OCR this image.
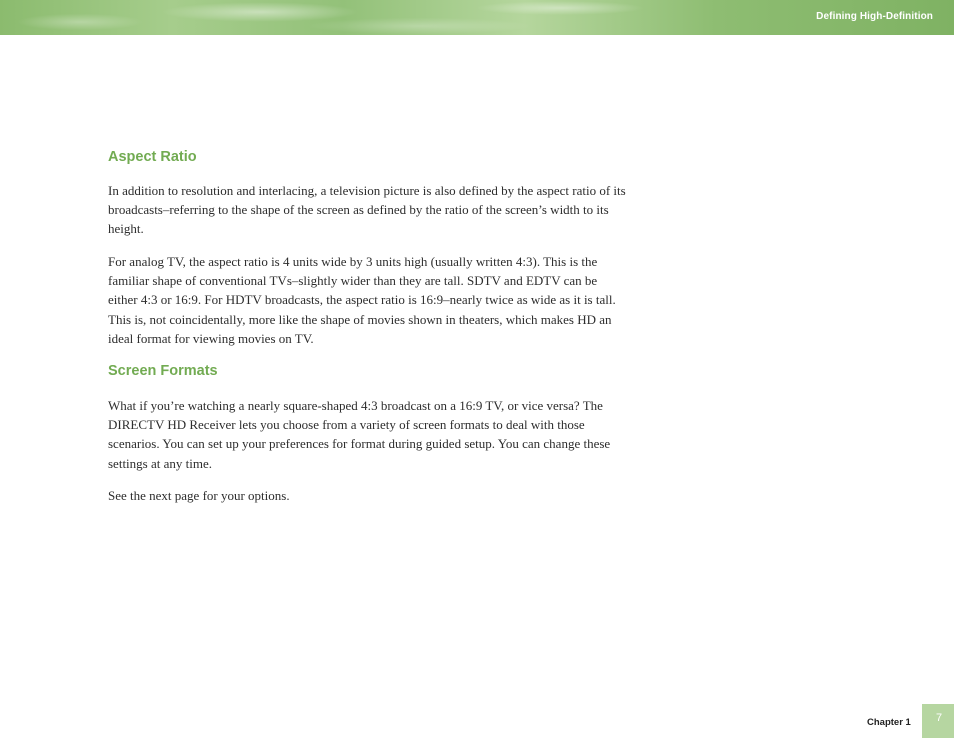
Defining High-Definition
Aspect Ratio

In addition to resolution and interlacing, a television picture is also defined by the aspect ratio of its broadcasts–referring to the shape of the screen as defined by the ratio of the screen’s width to its height.

For analog TV, the aspect ratio is 4 units wide by 3 units high (usually written 4:3). This is the familiar shape of conventional TVs–slightly wider than they are tall. SDTV and EDTV can be either 4:3 or 16:9. For HDTV broadcasts, the aspect ratio is 16:9–nearly twice as wide as it is tall. This is, not coincidentally, more like the shape of movies shown in theaters, which makes HD an ideal format for viewing movies on TV.

Screen Formats

What if you’re watching a nearly square-shaped 4:3 broadcast on a 16:9 TV, or vice versa? The DIRECTV HD Receiver lets you choose from a variety of screen formats to deal with those scenarios. You can set up your preferences for format during guided setup. You can change these settings at any time.

See the next page for your options.

Chapter 1 7
